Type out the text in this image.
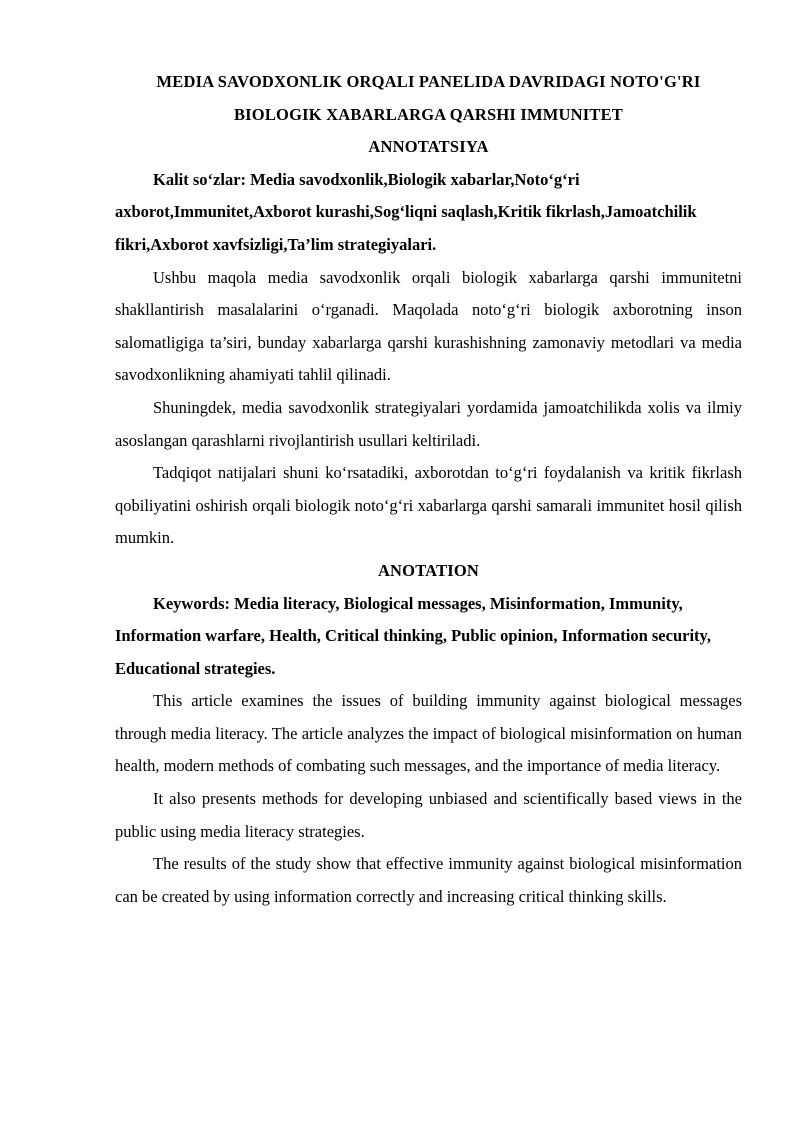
MEDIA SAVODXONLIK ORQALI PANELIDA DAVRIDAGI NOTO'G'RI
BIOLOGIK XABARLARGA QARSHI IMMUNITET
ANNOTATSIYA

Kalit so‘zlar: Media savodxonlik,Biologik xabarlar,Noto‘g‘ri axborot,Immunitet,Axborot kurashi,Sog‘liqni saqlash,Kritik fikrlash,Jamoatchilik fikri,Axborot xavfsizligi,Ta’lim strategiyalari.

Ushbu maqola media savodxonlik orqali biologik xabarlarga qarshi immunitetni shakllantirish masalalarini o‘rganadi. Maqolada noto‘g‘ri biologik axborotning inson salomatligiga ta’siri, bunday xabarlarga qarshi kurashishning zamonaviy metodlari va media savodxonlikning ahamiyati tahlil qilinadi.

Shuningdek, media savodxonlik strategiyalari yordamida jamoatchilikda xolis va ilmiy asoslangan qarashlarni rivojlantirish usullari keltiriladi.

Tadqiqot natijalari shuni ko‘rsatadiki, axborotdan to‘g‘ri foydalanish va kritik fikrlash qobiliyatini oshirish orqali biologik noto‘g‘ri xabarlarga qarshi samarali immunitet hosil qilish mumkin.

ANOTATION

Keywords: Media literacy, Biological messages, Misinformation, Immunity, Information warfare, Health, Critical thinking, Public opinion, Information security, Educational strategies.

This article examines the issues of building immunity against biological messages through media literacy. The article analyzes the impact of biological misinformation on human health, modern methods of combating such messages, and the importance of media literacy.

It also presents methods for developing unbiased and scientifically based views in the public using media literacy strategies.

The results of the study show that effective immunity against biological misinformation can be created by using information correctly and increasing critical thinking skills.
